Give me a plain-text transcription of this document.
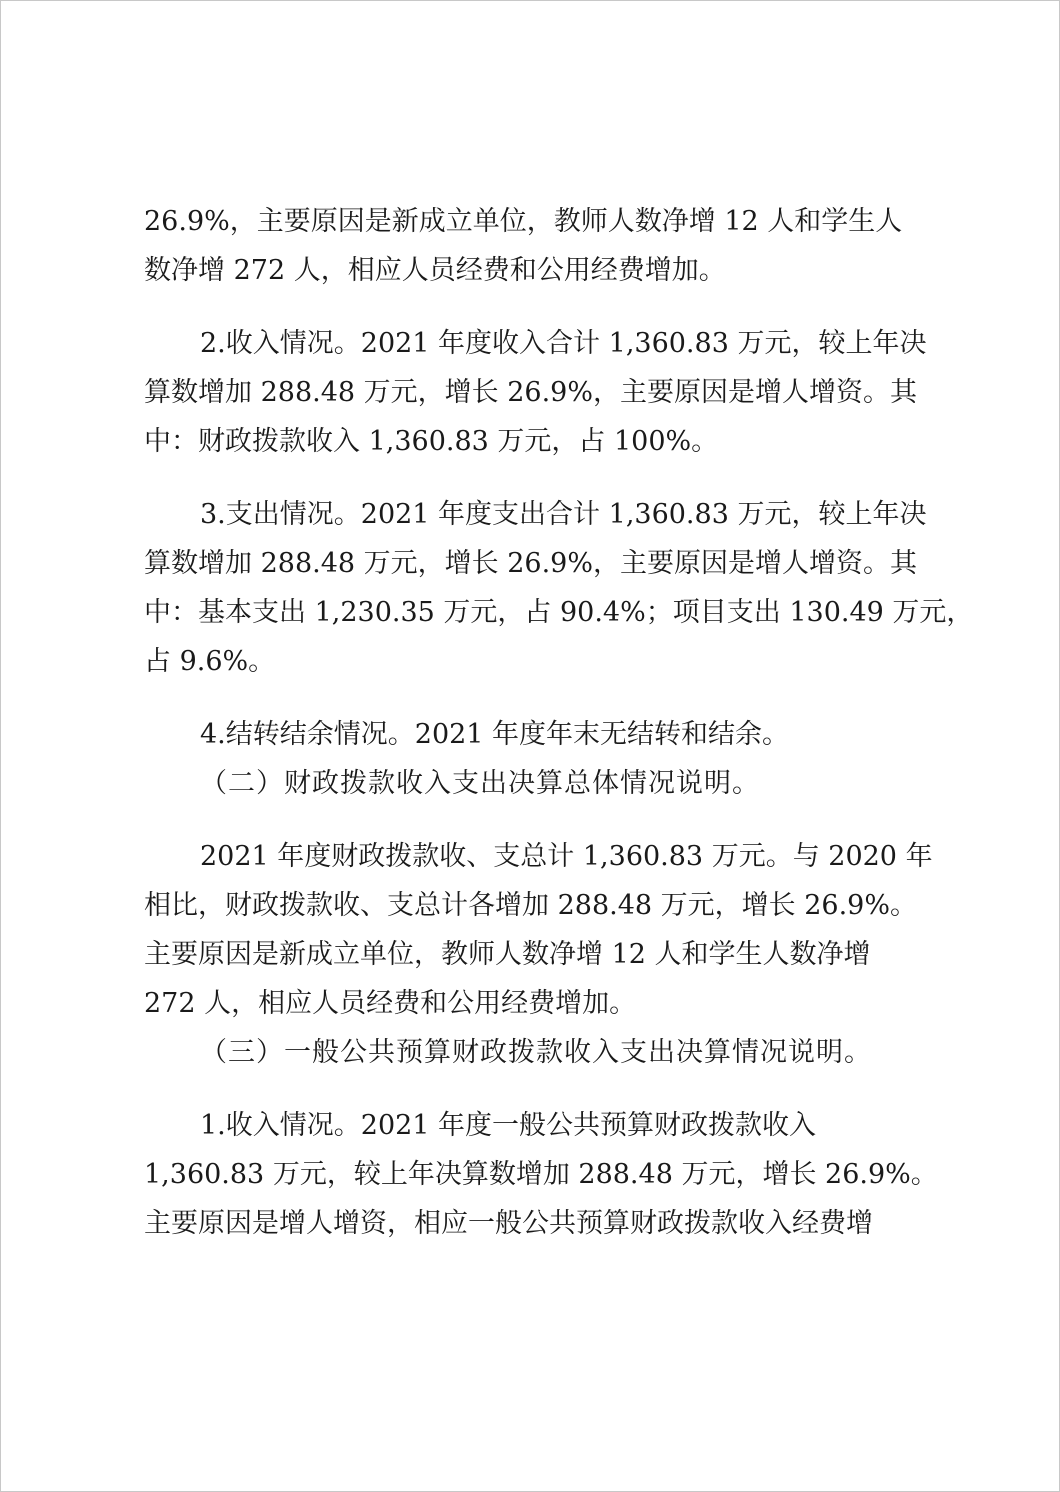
26.9%，主要原因是新成立单位，教师人数净增 12 人和学生人
数净增 272 人，相应人员经费和公用经费增加。

2.收入情况。2021 年度收入合计 1,360.83 万元，较上年决
算数增加 288.48 万元，增长 26.9%，主要原因是增人增资。其
中：财政拨款收入 1,360.83 万元，占 100%。

3.支出情况。2021 年度支出合计 1,360.83 万元，较上年决
算数增加 288.48 万元，增长 26.9%，主要原因是增人增资。其
中：基本支出 1,230.35 万元，占 90.4%；项目支出 130.49 万元，
占 9.6%。

4.结转结余情况。2021 年度年末无结转和结余。

（二）财政拨款收入支出决算总体情况说明。

2021 年度财政拨款收、支总计 1,360.83 万元。与 2020 年
相比，财政拨款收、支总计各增加 288.48 万元，增长 26.9%。
主要原因是新成立单位，教师人数净增 12 人和学生人数净增
272 人，相应人员经费和公用经费增加。

（三）一般公共预算财政拨款收入支出决算情况说明。

1.收入情况。2021 年度一般公共预算财政拨款收入
1,360.83 万元，较上年决算数增加 288.48 万元，增长 26.9%。
主要原因是增人增资，相应一般公共预算财政拨款收入经费增
